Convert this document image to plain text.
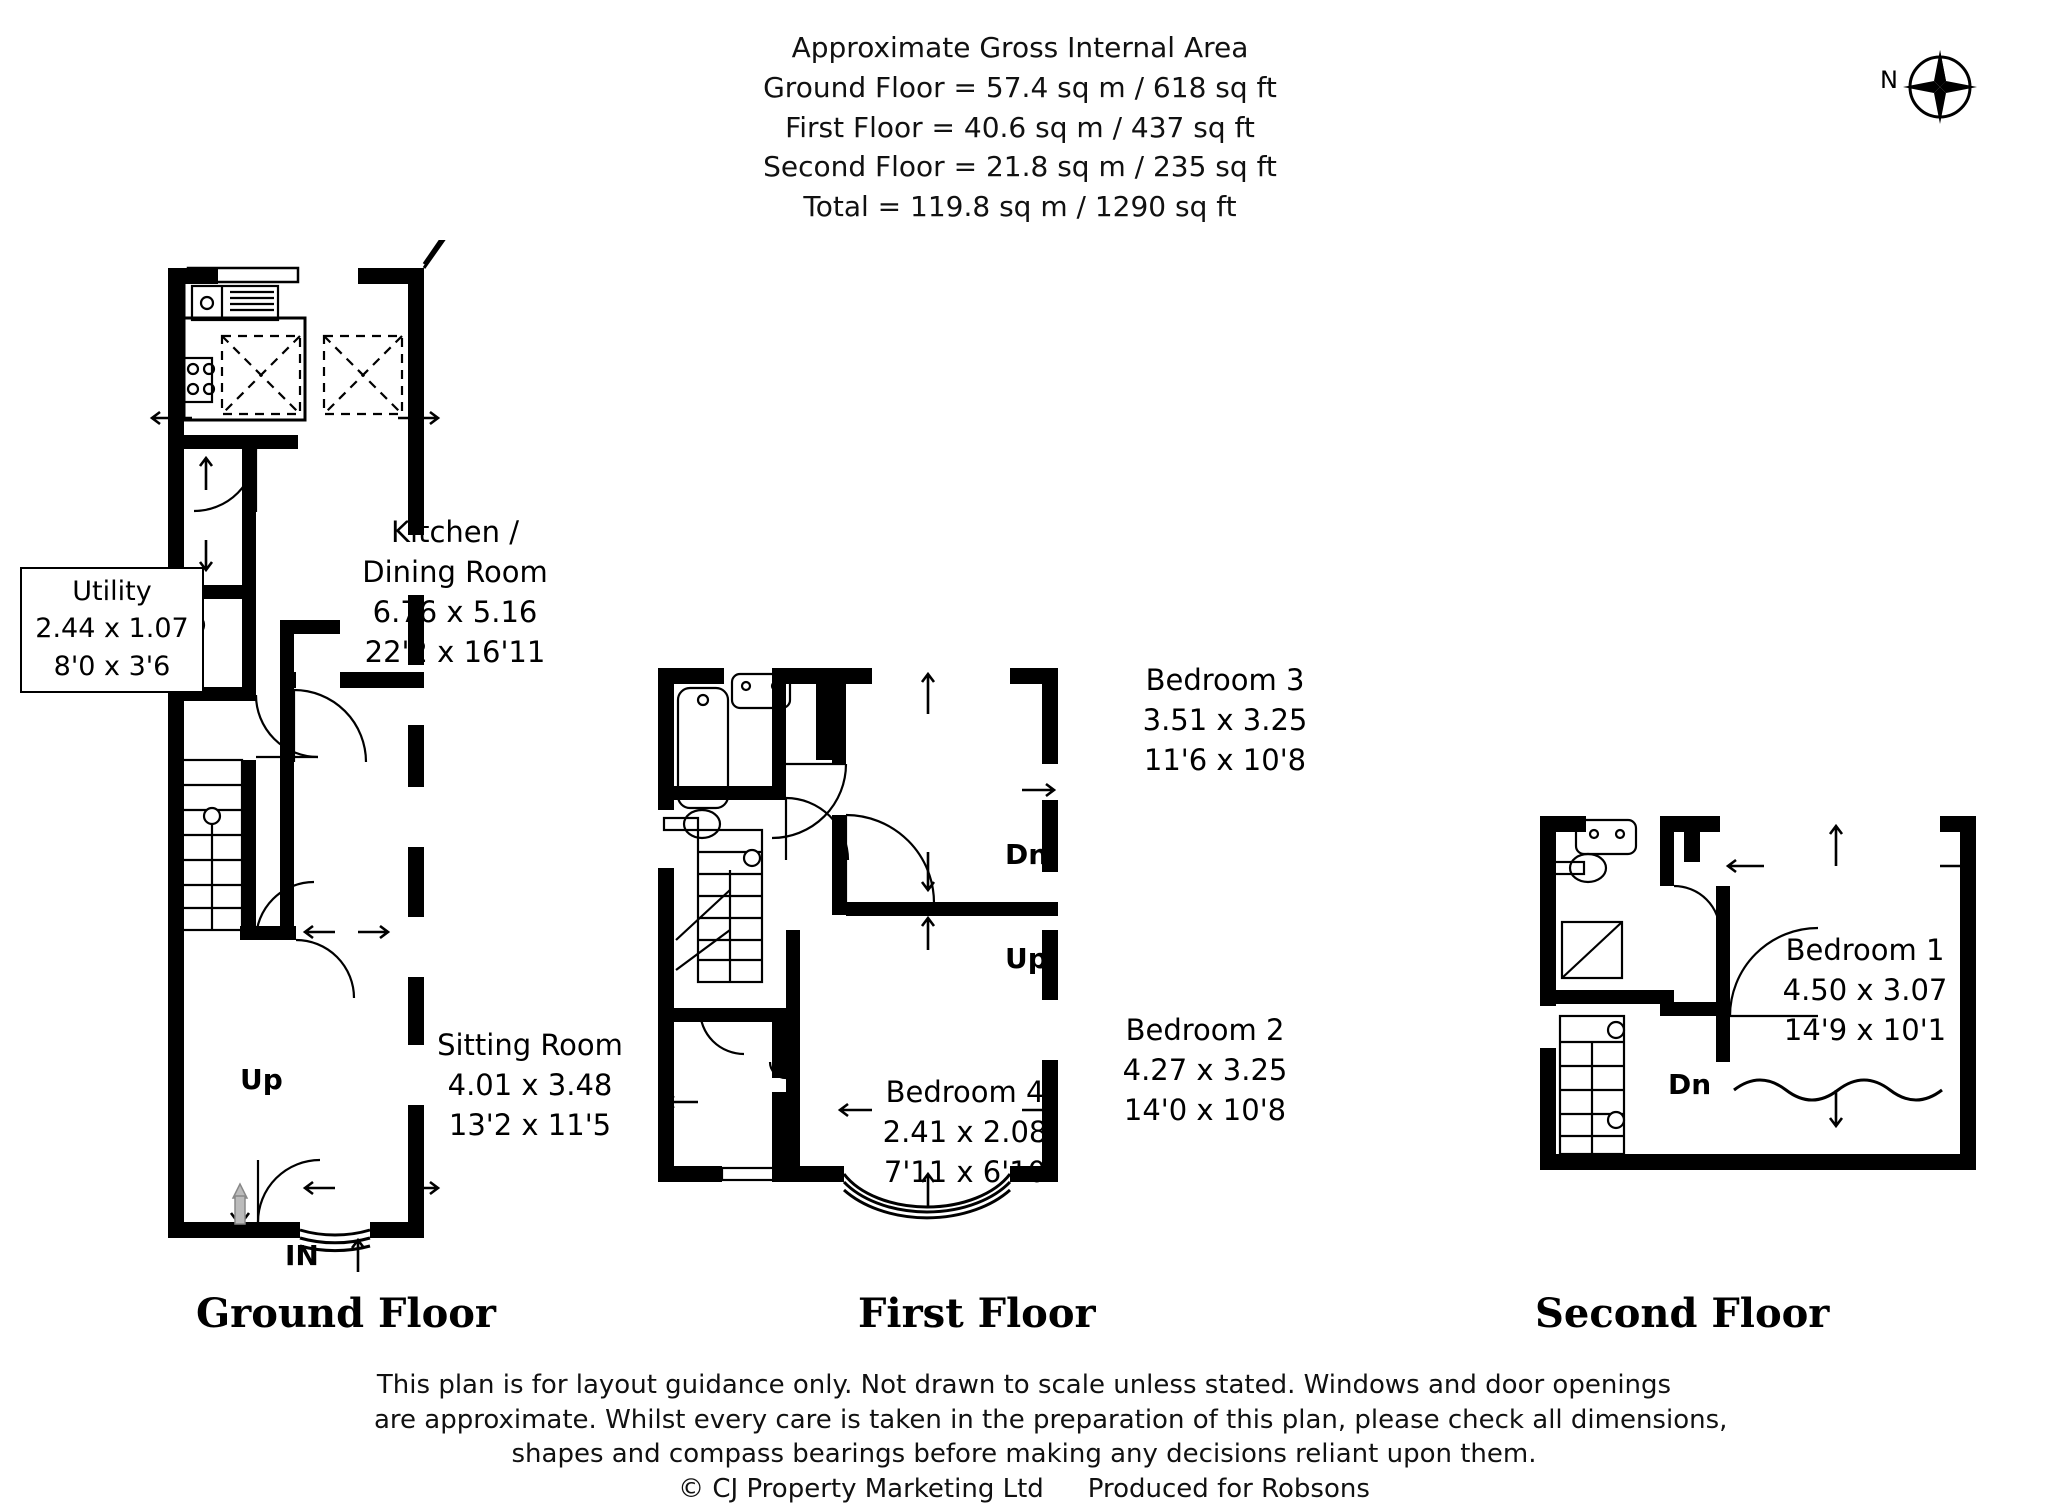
Approximate Gross Internal Area
Ground Floor = 57.4 sq m / 618 sq ft
First Floor = 40.6 sq m / 437 sq ft
Second Floor = 21.8 sq m / 235 sq ft
Total = 119.8 sq m / 1290 sq ft
N
Kitchen /
Dining Room
6.76 x 5.16
22'2 x 16'11
Sitting Room
4.01 x 3.48
13'2 x 11'5
Utility
2.44 x 1.07
8'0 x 3'6	Bedroom 3
3.51 x 3.25
11'6 x 10'8
Bedroom 2
4.27 x 3.25
14'0 x 10'8
Bedroom 4
2.41 x 2.08
7'11 x 6'10
Bedroom 1
4.50 x 3.07
14'9 x 10'1
Up
IN
Dn
Up
Dn
Ground Floor	First Floor	Second Floor
This plan is for layout guidance only. Not drawn to scale unless stated. Windows and door openings
are approximate. Whilst every care is taken in the preparation of this plan, please check all dimensions,
shapes and compass bearings before making any decisions reliant upon them.
© CJ Property Marketing Ltd Produced for Robsons
